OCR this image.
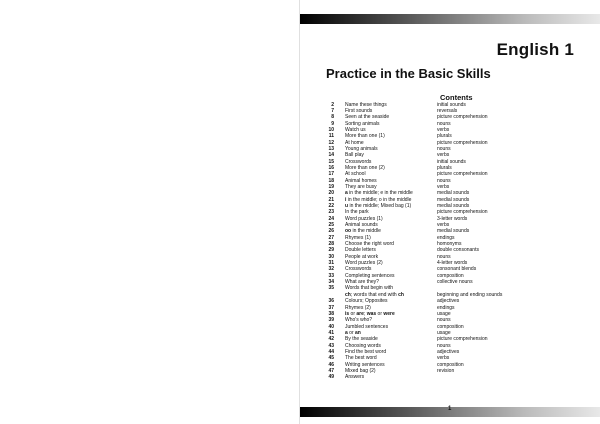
English 1
Practice in the Basic Skills
Contents
2 Name these things	initial sounds
7 First sounds	reversals
8 Seen at the seaside	picture comprehension
9 Sorting animals	nouns
10 Watch us	verbs
11 More than one (1)	plurals
12 At home	picture comprehension
13 Young animals	nouns
14 Ball play	verbs
15 Crosswords	initial sounds
16 More than one (2)	plurals
17 At school	picture comprehension
18 Animal homes	nouns
19 They are busy	verbs
20 a in the middle; e in the middle	medial sounds
21 i in the middle; o in the middle	medial sounds
22 u in the middle; Mixed bag (1)	medial sounds
23 In the park	picture comprehension
24 Word puzzles (1)	3-letter words
25 Animal sounds	verbs
26 oo in the middle	medial sounds
27 Rhymes (1)	endings
28 Choose the right word	homonyms
29 Double letters	double consonants
30 People at work	nouns
31 Word puzzles (2)	4-letter words
32 Crosswords	consonant blends
33 Completing sentences	composition
34 What are they?	collective nouns
35 Words that begin with
ch; words that end with ch	beginning and ending sounds
36 Colours; Opposites	adjectives
37 Rhymes (2)	endings
38 is or are; was or were	usage
39 Who's who?	nouns
40 Jumbled sentences	composition
41 a or an	usage
42 By the seaside	picture comprehension
43 Choosing words	nouns
44 Find the best word	adjectives
45 The best word	verbs
46 Writing sentences	composition
47 Mixed bag (2)	revision
49 Answers
1
